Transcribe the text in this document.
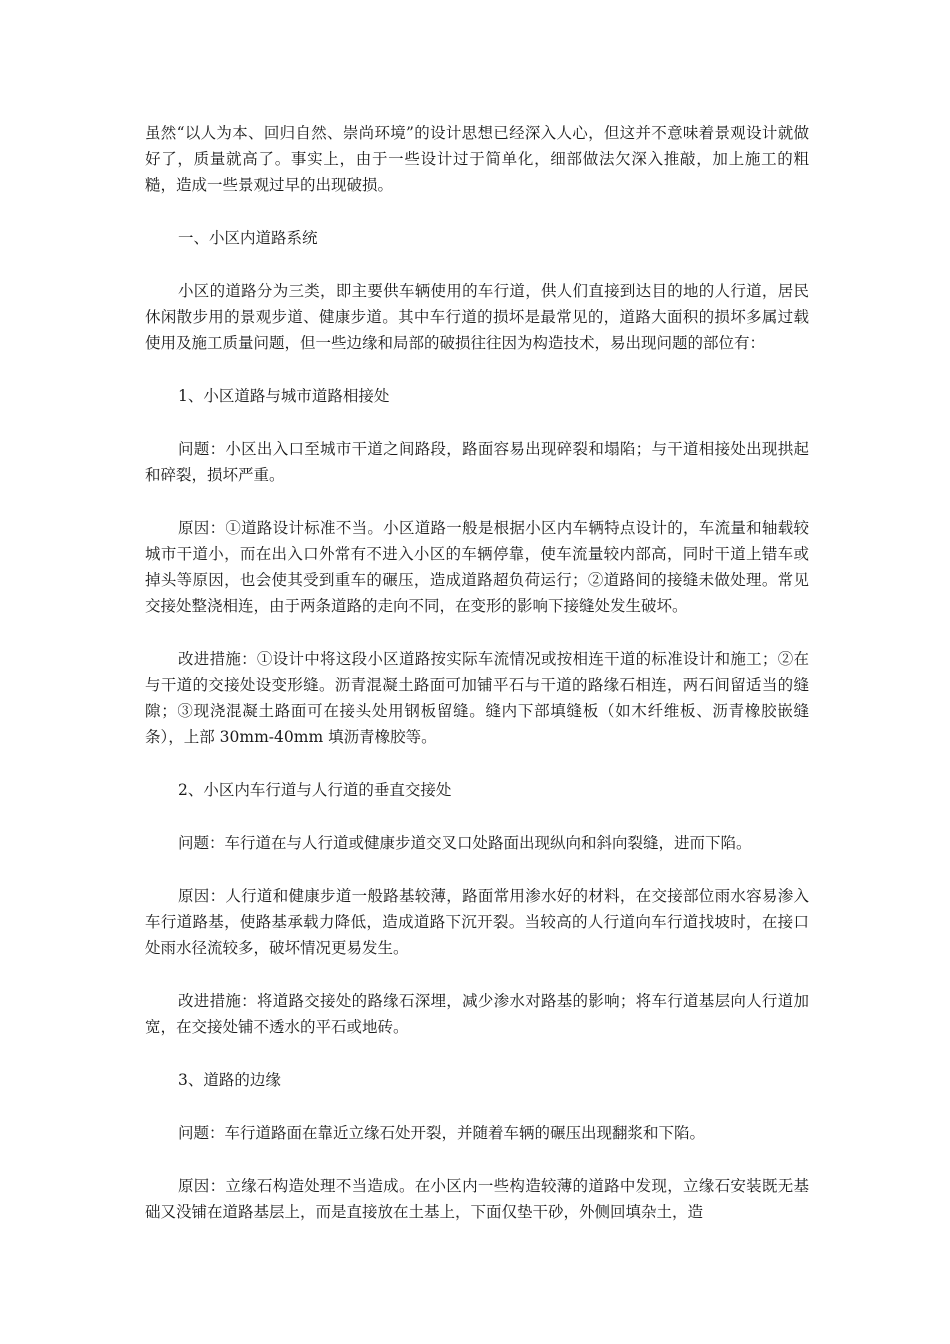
虽然“以人为本、回归自然、崇尚环境”的设计思想已经深入人心，但这并不意味着景观设计就做好了，质量就高了。事实上，由于一些设计过于简单化，细部做法欠深入推敲，加上施工的粗糙，造成一些景观过早的出现破损。

一、小区内道路系统

小区的道路分为三类，即主要供车辆使用的车行道，供人们直接到达目的地的人行道，居民休闲散步用的景观步道、健康步道。其中车行道的损坏是最常见的，道路大面积的损坏多属过载使用及施工质量问题，但一些边缘和局部的破损往往因为构造技术，易出现问题的部位有：

1、小区道路与城市道路相接处

问题：小区出入口至城市干道之间路段，路面容易出现碎裂和塌陷；与干道相接处出现拱起和碎裂，损坏严重。

原因：①道路设计标准不当。小区道路一般是根据小区内车辆特点设计的，车流量和轴载较城市干道小，而在出入口外常有不进入小区的车辆停靠，使车流量较内部高，同时干道上错车或掉头等原因，也会使其受到重车的碾压，造成道路超负荷运行；②道路间的接缝未做处理。常见交接处整浇相连，由于两条道路的走向不同，在变形的影响下接缝处发生破坏。

改进措施：①设计中将这段小区道路按实际车流情况或按相连干道的标准设计和施工；②在与干道的交接处设变形缝。沥青混凝土路面可加铺平石与干道的路缘石相连，两石间留适当的缝隙；③现浇混凝土路面可在接头处用钢板留缝。缝内下部填缝板（如木纤维板、沥青橡胶嵌缝条），上部 30mm-40mm 填沥青橡胶等。

2、小区内车行道与人行道的垂直交接处

问题：车行道在与人行道或健康步道交叉口处路面出现纵向和斜向裂缝，进而下陷。

原因：人行道和健康步道一般路基较薄，路面常用渗水好的材料，在交接部位雨水容易渗入车行道路基，使路基承载力降低，造成道路下沉开裂。当较高的人行道向车行道找坡时，在接口处雨水径流较多，破坏情况更易发生。

改进措施：将道路交接处的路缘石深埋，减少渗水对路基的影响；将车行道基层向人行道加宽，在交接处铺不透水的平石或地砖。

3、道路的边缘

问题：车行道路面在靠近立缘石处开裂，并随着车辆的碾压出现翻浆和下陷。

原因：立缘石构造处理不当造成。在小区内一些构造较薄的道路中发现，立缘石安装既无基础又没铺在道路基层上，而是直接放在土基上，下面仅垫干砂，外侧回填杂土，造
